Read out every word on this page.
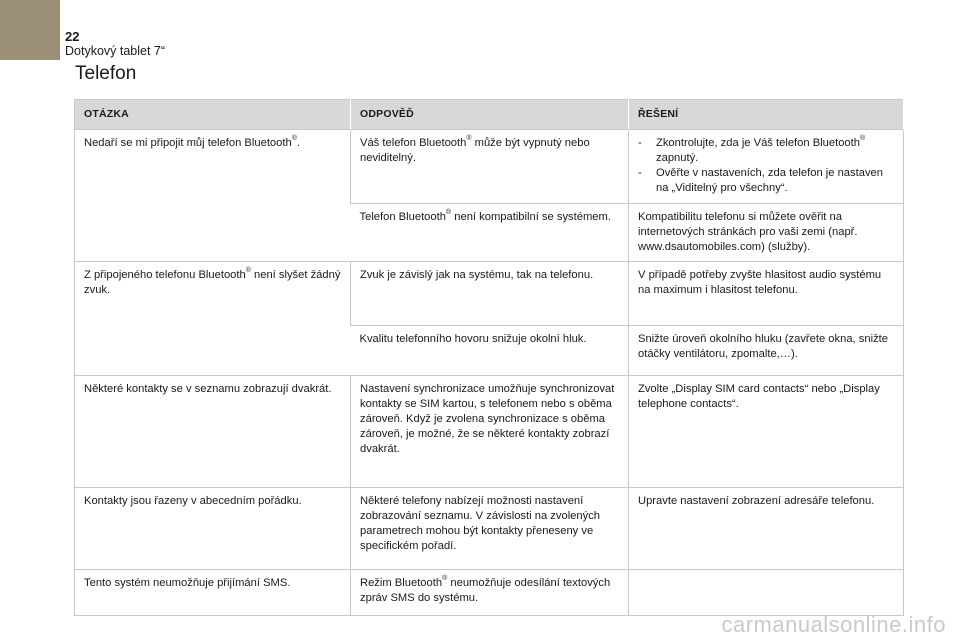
22
Dotykový tablet 7“
Telefon
OTÁZKA	ODPOVĚĎ	ŘEŠENÍ
Nedaří se mi připojit můj telefon Bluetooth®.	Váš telefon Bluetooth® může být vypnutý nebo neviditelný.	- Zkontrolujte, zda je Váš telefon Bluetooth® zapnutý.
- Ověřte v nastaveních, zda telefon je nastaven na „Viditelný pro všechny“.

	Telefon Bluetooth® není kompatibilní se systémem.	Kompatibilitu telefonu si můžete ověřit na internetových stránkách pro vaši zemi (např. www.dsautomobiles.com) (služby).
Z připojeného telefonu Bluetooth® není slyšet žádný zvuk.	Zvuk je závislý jak na systému, tak na telefonu.	V případě potřeby zvyšte hlasitost audio systému na maximum i hlasitost telefonu.
	Kvalitu telefonního hovoru snižuje okolní hluk.	Snižte úroveň okolního hluku (zavřete okna, snižte otáčky ventilátoru, zpomalte,…).
Některé kontakty se v seznamu zobrazují dvakrát.	Nastavení synchronizace umožňuje synchronizovat kontakty se SIM kartou, s telefonem nebo s oběma zároveň. Když je zvolena synchronizace s oběma zároveň, je možné, že se některé kontakty zobrazí dvakrát.	Zvolte „Display SIM card contacts“ nebo „Display telephone contacts“.
Kontakty jsou řazeny v abecedním pořádku.	Některé telefony nabízejí možnosti nastavení zobrazování seznamu. V závislosti na zvolených parametrech mohou být kontakty přeneseny ve specifickém pořadí.	Upravte nastavení zobrazení adresáře telefonu.
Tento systém neumožňuje přijímání SMS.	Režim Bluetooth® neumožňuje odesílání textových zpráv SMS do systému.	
carmanualsonline.info
